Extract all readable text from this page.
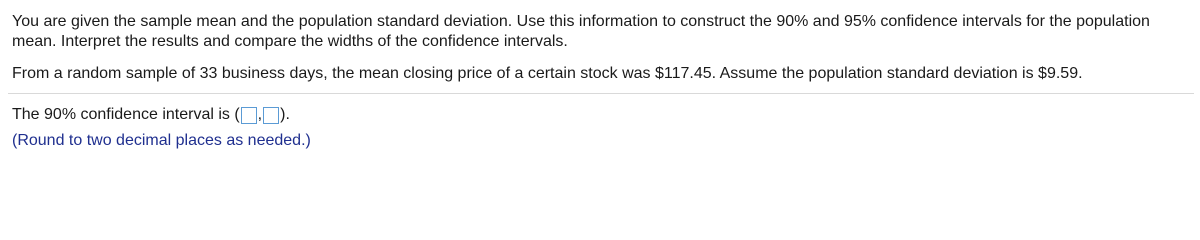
You are given the sample mean and the population standard deviation. Use this information to construct the 90% and 95% confidence intervals for the population mean. Interpret the results and compare the widths of the confidence intervals.
From a random sample of 33 business days, the mean closing price of a certain stock was $117.45. Assume the population standard deviation is $9.59.
The 90% confidence interval is ( , ).
(Round to two decimal places as needed.)
